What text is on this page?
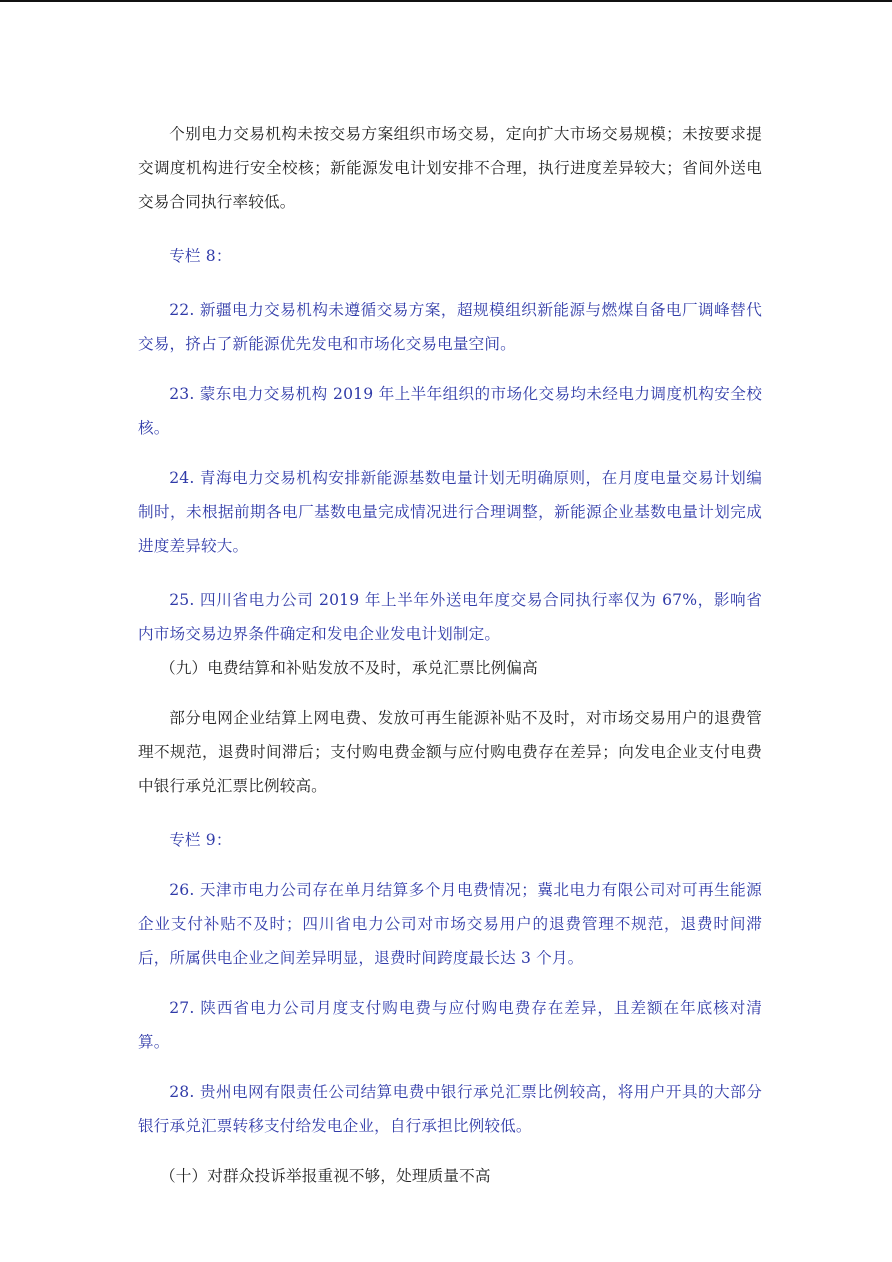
个别电力交易机构未按交易方案组织市场交易，定向扩大市场交易规模；未按要求提交调度机构进行安全校核；新能源发电计划安排不合理，执行进度差异较大；省间外送电交易合同执行率较低。

专栏 8：

22. 新疆电力交易机构未遵循交易方案，超规模组织新能源与燃煤自备电厂调峰替代交易，挤占了新能源优先发电和市场化交易电量空间。

23. 蒙东电力交易机构 2019 年上半年组织的市场化交易均未经电力调度机构安全校核。

24. 青海电力交易机构安排新能源基数电量计划无明确原则，在月度电量交易计划编制时，未根据前期各电厂基数电量完成情况进行合理调整，新能源企业基数电量计划完成进度差异较大。

25. 四川省电力公司 2019 年上半年外送电年度交易合同执行率仅为 67%，影响省内市场交易边界条件确定和发电企业发电计划制定。

（九）电费结算和补贴发放不及时，承兑汇票比例偏高

部分电网企业结算上网电费、发放可再生能源补贴不及时，对市场交易用户的退费管理不规范，退费时间滞后；支付购电费金额与应付购电费存在差异；向发电企业支付电费中银行承兑汇票比例较高。

专栏 9：

26. 天津市电力公司存在单月结算多个月电费情况；冀北电力有限公司对可再生能源企业支付补贴不及时；四川省电力公司对市场交易用户的退费管理不规范，退费时间滞后，所属供电企业之间差异明显，退费时间跨度最长达 3 个月。

27. 陕西省电力公司月度支付购电费与应付购电费存在差异，且差额在年底核对清算。

28. 贵州电网有限责任公司结算电费中银行承兑汇票比例较高，将用户开具的大部分银行承兑汇票转移支付给发电企业，自行承担比例较低。

（十）对群众投诉举报重视不够，处理质量不高
